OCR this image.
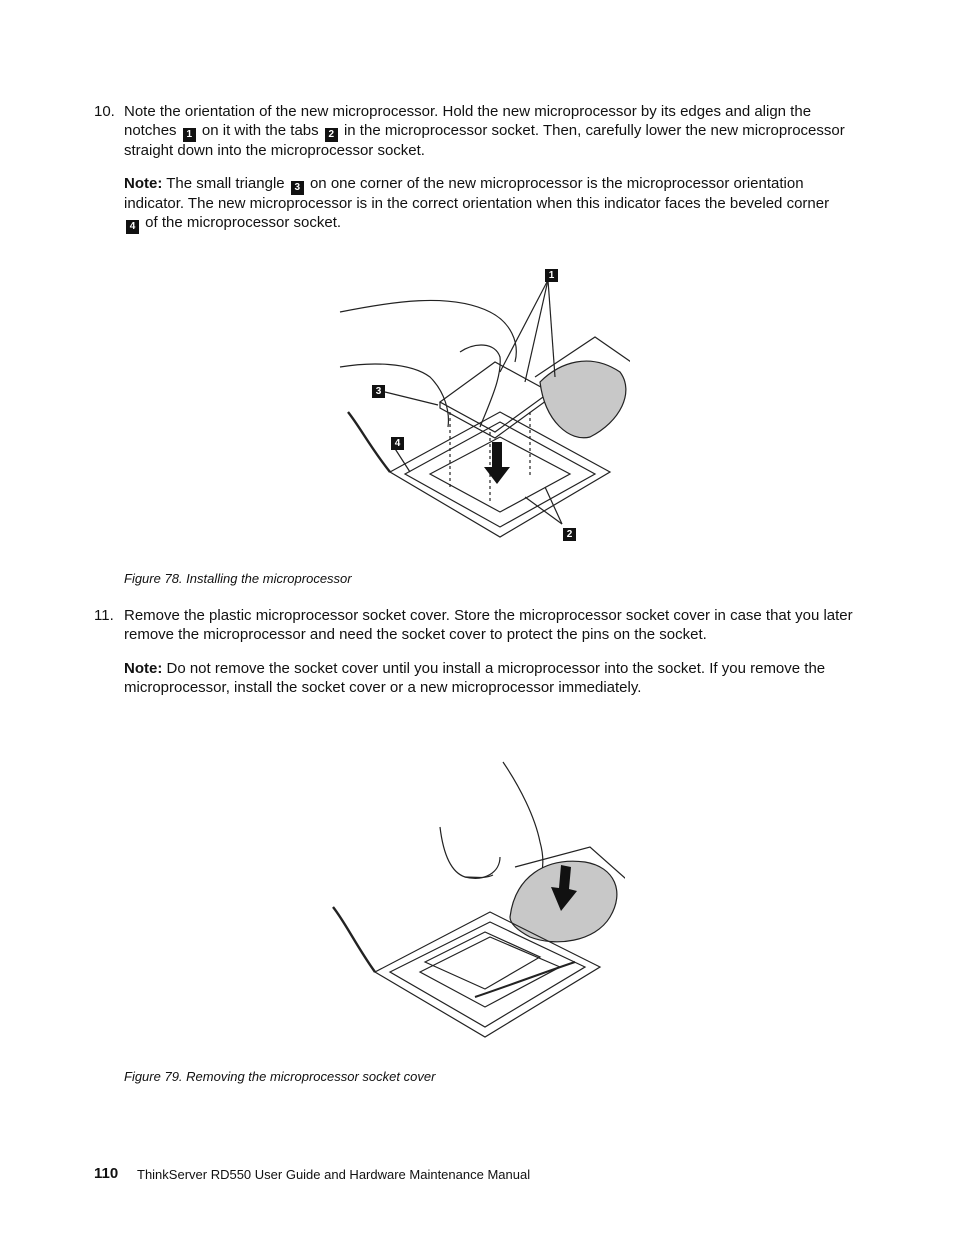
10. Note the orientation of the new microprocessor. Hold the new microprocessor by its edges and align the notches 1 on it with the tabs 2 in the microprocessor socket. Then, carefully lower the new microprocessor straight down into the microprocessor socket.
Note: The small triangle 3 on one corner of the new microprocessor is the microprocessor orientation indicator. The new microprocessor is in the correct orientation when this indicator faces the beveled corner 4 of the microprocessor socket.
1
3
4
2
Figure 78. Installing the microprocessor
11. Remove the plastic microprocessor socket cover. Store the microprocessor socket cover in case that you later remove the microprocessor and need the socket cover to protect the pins on the socket.
Note: Do not remove the socket cover until you install a microprocessor into the socket. If you remove the microprocessor, install the socket cover or a new microprocessor immediately.
Figure 79. Removing the microprocessor socket cover
110 ThinkServer RD550 User Guide and Hardware Maintenance Manual
